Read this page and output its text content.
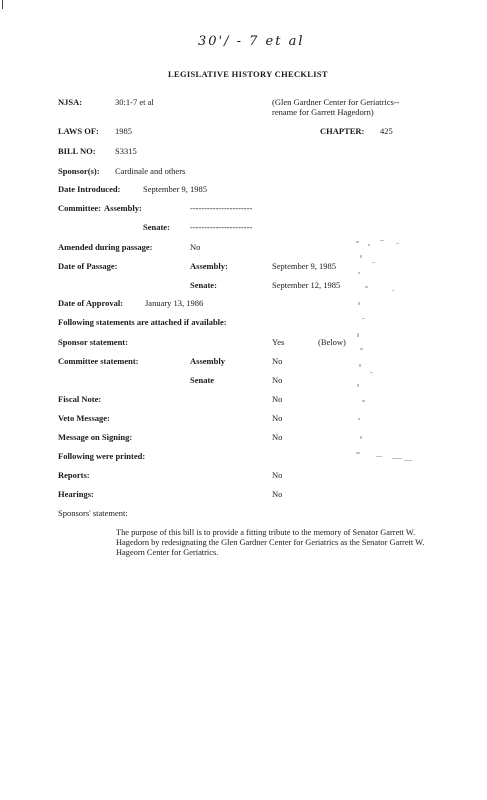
30'/ - 7 et al
LEGISLATIVE HISTORY CHECKLIST
NJSA:	30:1-7 et al	(Glen Gardner Center for Geriatrics--
rename for Garrett Hagedorn)
LAWS OF: 1985	CHAPTER: 425
BILL NO: S3315
Sponsor(s): Cardinale and others
Date Introduced:	September 9, 1985
Committee: Assembly:	----------------------
Senate: ----------------------
Amended during passage:	No
Date of Passage:	Assembly:	September 9, 1985
Senate:	September 12, 1985
Date of Approval:	January 13, 1986
Following statements are attached if available:
Sponsor statement:	Yes	(Below)
Committee statement:	Assembly	No
Senate	No
Fiscal Note:	No
Veto Message:	No
Message on Signing:	No
Following were printed:
Reports:	No
Hearings:	No
Sponsors' statement:
The purpose of this bill is to provide a fitting tribute to the memory of Senator Garrett W. Hagedorn by redesignating the Glen Gardner Center for Geriatrics as the Senator Garrett W. Hageorn Center for Geriatrics.
